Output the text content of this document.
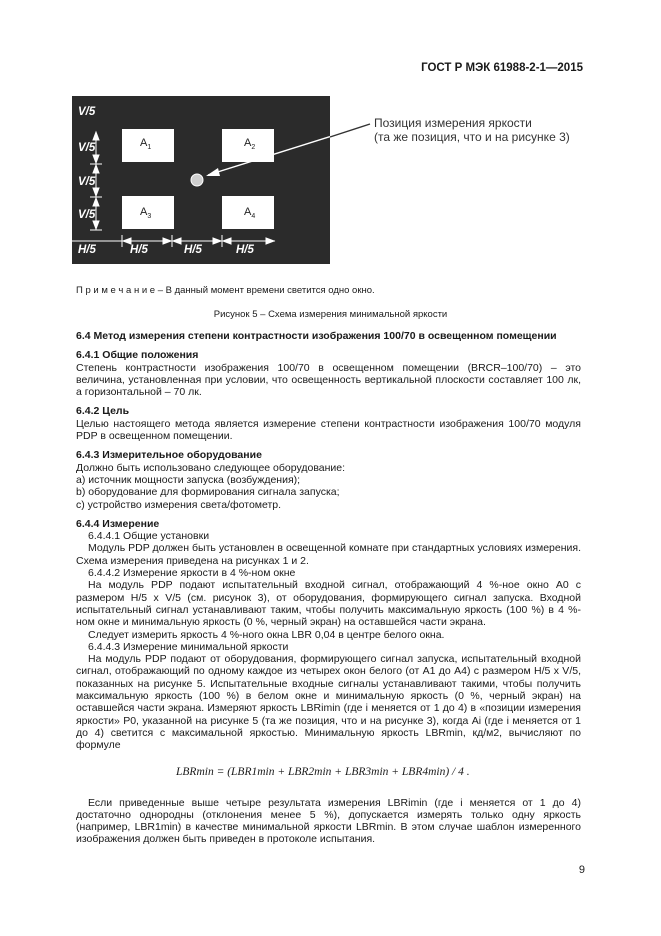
ГОСТ Р МЭК 61988-2-1—2015
V/5
V/5
V/5
V/5
$A_1$	$A_2$
$A_3$	$A_4$
H/5	H/5	H/5	H/5
Позиция измерения яркости
(та же позиция, что и на рисунке 3)
П р и м е ч а н и е – В данный момент времени светится одно окно.
Рисунок 5 – Схема измерения минимальной яркости

6.4 Метод измерения степени контрастности изображения 100/70 в освещенном помещении

6.4.1 Общие положения

Степень контрастности изображения 100/70 в освещенном помещении (BRCR–100/70) – это величина, установленная при условии, что освещенность вертикальной плоскости составляет 100 лк, а горизонтальной – 70 лк.

6.4.2 Цель

Целью настоящего метода является измерение степени контрастности изображения 100/70 модуля PDP в освещенном помещении.

6.4.3 Измерительное оборудование

Должно быть использовано следующее оборудование:

a) источник мощности запуска (возбуждения);

b) оборудование для формирования сигнала запуска;

c) устройство измерения света/фотометр.

6.4.4 Измерение

6.4.4.1 Общие установки

Модуль PDP должен быть установлен в освещенной комнате при стандартных условиях измерения. Схема измерения приведена на рисунках 1 и 2.

6.4.4.2 Измерение яркости в 4 %-ном окне

На модуль PDP подают испытательный входной сигнал, отображающий 4 %-ное окно A0 с размером H/5 x V/5 (см. рисунок 3), от оборудования, формирующего сигнал запуска. Входной испытательный сигнал устанавливают таким, чтобы получить максимальную яркость (100 %) в 4 %-ном окне и минимальную яркость (0 %, черный экран) на оставшейся части экрана.

Следует измерить яркость 4 %-ного окна LBR 0,04 в центре белого окна.

6.4.4.3 Измерение минимальной яркости

На модуль PDP подают от оборудования, формирующего сигнал запуска, испытательный входной сигнал, отображающий по одному каждое из четырех окон белого (от A1 до A4) с размером H/5 x V/5, показанных на рисунке 5. Испытательные входные сигналы устанавливают такими, чтобы получить максимальную яркость (100 %) в белом окне и минимальную яркость (0 %, черный экран) на оставшейся части экрана. Измеряют яркость LBRimin (где i меняется от 1 до 4) в «позиции измерения яркости» P0, указанной на рисунке 5 (та же позиция, что и на рисунке 3), когда Ai (где i меняется от 1 до 4) светится с максимальной яркостью. Минимальную яркость LBRmin, кд/м2, вычисляют по формуле

LBRmin = (LBR1min + LBR2min + LBR3min + LBR4min) / 4 .

Если приведенные выше четыре результата измерения LBRimin (где i меняется от 1 до 4) достаточно однородны (отклонения менее 5 %), допускается измерять только одну яркость (например, LBR1min) в качестве минимальной яркости LBRmin. В этом случае шаблон измеренного изображения должен быть приведен в протоколе испытания.

9
